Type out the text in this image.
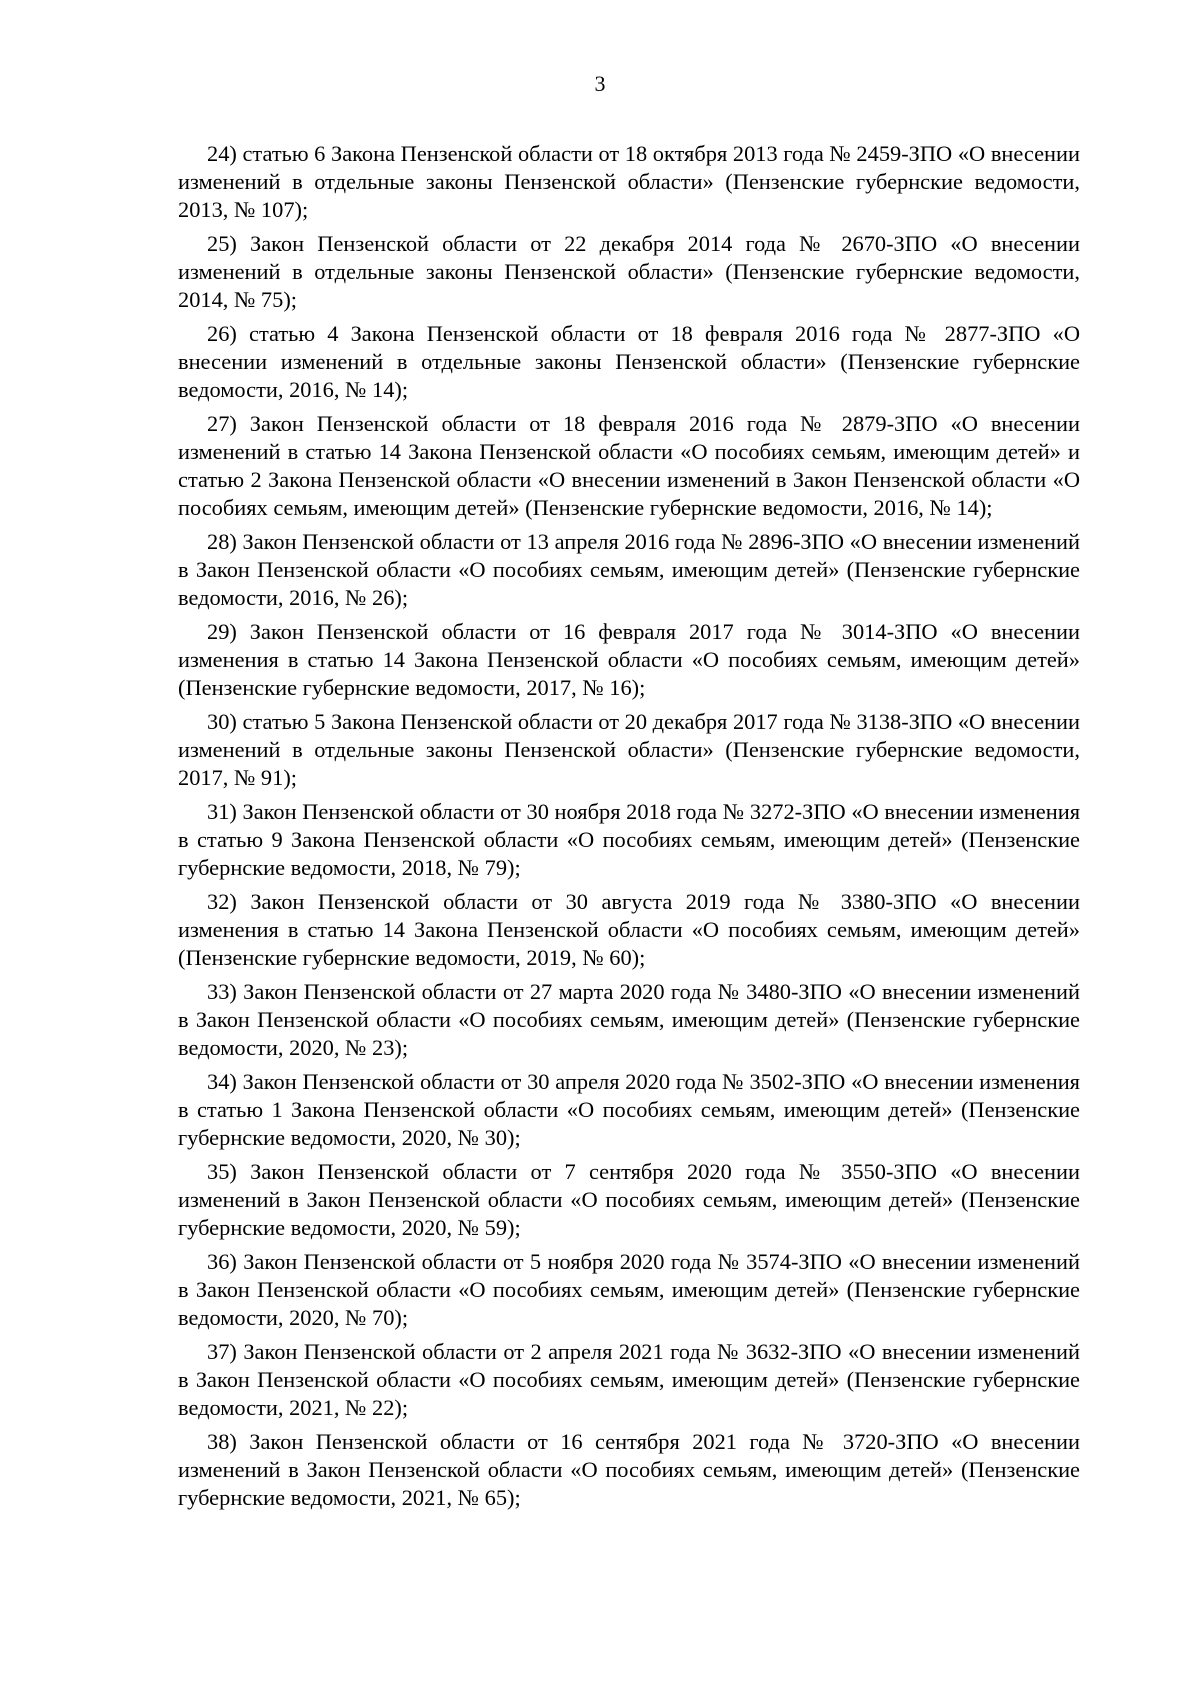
3

24) статью 6 Закона Пензенской области от 18 октября 2013 года № 2459-ЗПО «О внесении изменений в отдельные законы Пензенской области» (Пензенские губернские ведомости, 2013, № 107);

25) Закон Пензенской области от 22 декабря 2014 года № 2670-ЗПО «О внесении изменений в отдельные законы Пензенской области» (Пензенские губернские ведомости, 2014, № 75);

26) статью 4 Закона Пензенской области от 18 февраля 2016 года № 2877-ЗПО «О внесении изменений в отдельные законы Пензенской области» (Пензенские губернские ведомости, 2016, № 14);

27) Закон Пензенской области от 18 февраля 2016 года № 2879-ЗПО «О внесении изменений в статью 14 Закона Пензенской области «О пособиях семьям, имеющим детей» и статью 2 Закона Пензенской области «О внесении изменений в Закон Пензенской области «О пособиях семьям, имеющим детей» (Пензенские губернские ведомости, 2016, № 14);

28) Закон Пензенской области от 13 апреля 2016 года № 2896-ЗПО «О внесении изменений в Закон Пензенской области «О пособиях семьям, имеющим детей» (Пензенские губернские ведомости, 2016, № 26);

29) Закон Пензенской области от 16 февраля 2017 года № 3014-ЗПО «О внесении изменения в статью 14 Закона Пензенской области «О пособиях семьям, имеющим детей» (Пензенские губернские ведомости, 2017, № 16);

30) статью 5 Закона Пензенской области от 20 декабря 2017 года № 3138-ЗПО «О внесении изменений в отдельные законы Пензенской области» (Пензенские губернские ведомости, 2017, № 91);

31) Закон Пензенской области от 30 ноября 2018 года № 3272-ЗПО «О внесении изменения в статью 9 Закона Пензенской области «О пособиях семьям, имеющим детей» (Пензенские губернские ведомости, 2018, № 79);

32) Закон Пензенской области от 30 августа 2019 года № 3380-ЗПО «О внесении изменения в статью 14 Закона Пензенской области «О пособиях семьям, имеющим детей» (Пензенские губернские ведомости, 2019, № 60);

33) Закон Пензенской области от 27 марта 2020 года № 3480-ЗПО «О внесении изменений в Закон Пензенской области «О пособиях семьям, имеющим детей» (Пензенские губернские ведомости, 2020, № 23);

34) Закон Пензенской области от 30 апреля 2020 года № 3502-ЗПО «О внесении изменения в статью 1 Закона Пензенской области «О пособиях семьям, имеющим детей» (Пензенские губернские ведомости, 2020, № 30);

35) Закон Пензенской области от 7 сентября 2020 года № 3550-ЗПО «О внесении изменений в Закон Пензенской области «О пособиях семьям, имеющим детей» (Пензенские губернские ведомости, 2020, № 59);

36) Закон Пензенской области от 5 ноября 2020 года № 3574-ЗПО «О внесении изменений в Закон Пензенской области «О пособиях семьям, имеющим детей» (Пензенские губернские ведомости, 2020, № 70);

37) Закон Пензенской области от 2 апреля 2021 года № 3632-ЗПО «О внесении изменений в Закон Пензенской области «О пособиях семьям, имеющим детей» (Пензенские губернские ведомости, 2021, № 22);

38) Закон Пензенской области от 16 сентября 2021 года № 3720-ЗПО «О внесении изменений в Закон Пензенской области «О пособиях семьям, имеющим детей» (Пензенские губернские ведомости, 2021, № 65);
